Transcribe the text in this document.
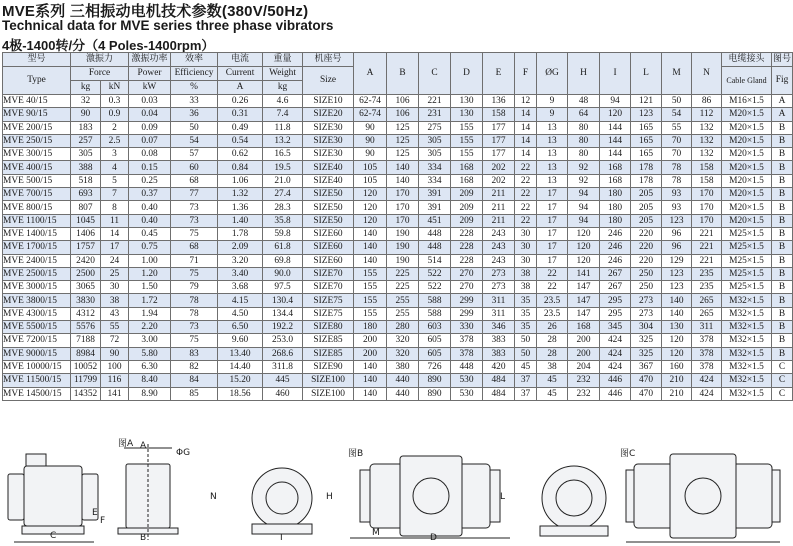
MVE系列 三相振动电机技术参数(380V/50Hz)
Technical data for MVE series three phase vibrators
4极-1400转/分（4 Poles-1400rpm）
型号	激振力		激振功率	效率	电流	重量	机座号	A	B	C	D	E	F	ØG	H	I	L	M	N	电缆接头	图号
Type	Force		Power	Efficiency	Current	Weight	Size													Cable Gland	Fig
	kg	kN	kW	%	A	kg															
MVE 40/15	32	0.3	0.03	33	0.26	4.6	SIZE10	62-74	106	221	130	136	12	9	48	94	121	50	86	M16×1.5	A
MVE 90/15	90	0.9	0.04	36	0.31	7.4	SIZE20	62-74	106	231	130	158	14	9	64	120	123	54	112	M20×1.5	A
MVE 200/15	183	2	0.09	50	0.49	11.8	SIZE30	90	125	275	155	177	14	13	80	144	165	55	132	M20×1.5	B
MVE 250/15	257	2.5	0.07	54	0.54	13.2	SIZE30	90	125	305	155	177	14	13	80	144	165	70	132	M20×1.5	B
MVE 300/15	305	3	0.08	57	0.62	16.5	SIZE30	90	125	305	155	177	14	13	80	144	165	70	132	M20×1.5	B
MVE 400/15	388	4	0.15	60	0.84	19.5	SIZE40	105	140	334	168	202	22	13	92	168	178	78	158	M20×1.5	B
MVE 500/15	518	5	0.25	68	1.06	21.0	SIZE40	105	140	334	168	202	22	13	92	168	178	78	158	M20×1.5	B
MVE 700/15	693	7	0.37	77	1.32	27.4	SIZE50	120	170	391	209	211	22	17	94	180	205	93	170	M20×1.5	B
MVE 800/15	807	8	0.40	73	1.36	28.3	SIZE50	120	170	391	209	211	22	17	94	180	205	93	170	M20×1.5	B
MVE 1100/15	1045	11	0.40	73	1.40	35.8	SIZE50	120	170	451	209	211	22	17	94	180	205	123	170	M20×1.5	B
MVE 1400/15	1406	14	0.45	75	1.78	59.8	SIZE60	140	190	448	228	243	30	17	120	246	220	96	221	M25×1.5	B
MVE 1700/15	1757	17	0.75	68	2.09	61.8	SIZE60	140	190	448	228	243	30	17	120	246	220	96	221	M25×1.5	B
MVE 2400/15	2420	24	1.00	71	3.20	69.8	SIZE60	140	190	514	228	243	30	17	120	246	220	129	221	M25×1.5	B
MVE 2500/15	2500	25	1.20	75	3.40	90.0	SIZE70	155	225	522	270	273	38	22	141	267	250	123	235	M25×1.5	B
MVE 3000/15	3065	30	1.50	79	3.68	97.5	SIZE70	155	225	522	270	273	38	22	147	267	250	123	235	M25×1.5	B
MVE 3800/15	3830	38	1.72	78	4.15	130.4	SIZE75	155	255	588	299	311	35	23.5	147	295	273	140	265	M32×1.5	B
MVE 4300/15	4312	43	1.94	78	4.50	134.4	SIZE75	155	255	588	299	311	35	23.5	147	295	273	140	265	M32×1.5	B
MVE 5500/15	5576	55	2.20	73	6.50	192.2	SIZE80	180	280	603	330	346	35	26	168	345	304	130	311	M32×1.5	B
MVE 7200/15	7188	72	3.00	75	9.60	253.0	SIZE85	200	320	605	378	383	50	28	200	424	325	120	378	M32×1.5	B
MVE 9000/15	8984	90	5.80	83	13.40	268.6	SIZE85	200	320	605	378	383	50	28	200	424	325	120	378	M32×1.5	B
MVE 10000/15	10052	100	6.30	82	14.40	311.8	SIZE90	140	380	726	448	420	45	38	204	424	367	160	378	M32×1.5	C
MVE 11500/15	11799	116	8.40	84	15.20	445	SIZE100	140	440	890	530	484	37	45	232	446	470	210	424	M32×1.5	C
MVE 14500/15	14352	141	8.90	85	18.56	460	SIZE100	140	440	890	530	484	37	45	232	446	470	210	424	M32×1.5	C
图A
图B	图C
ΦG
A
C	B
E
F
N	H
I	M	D
L
